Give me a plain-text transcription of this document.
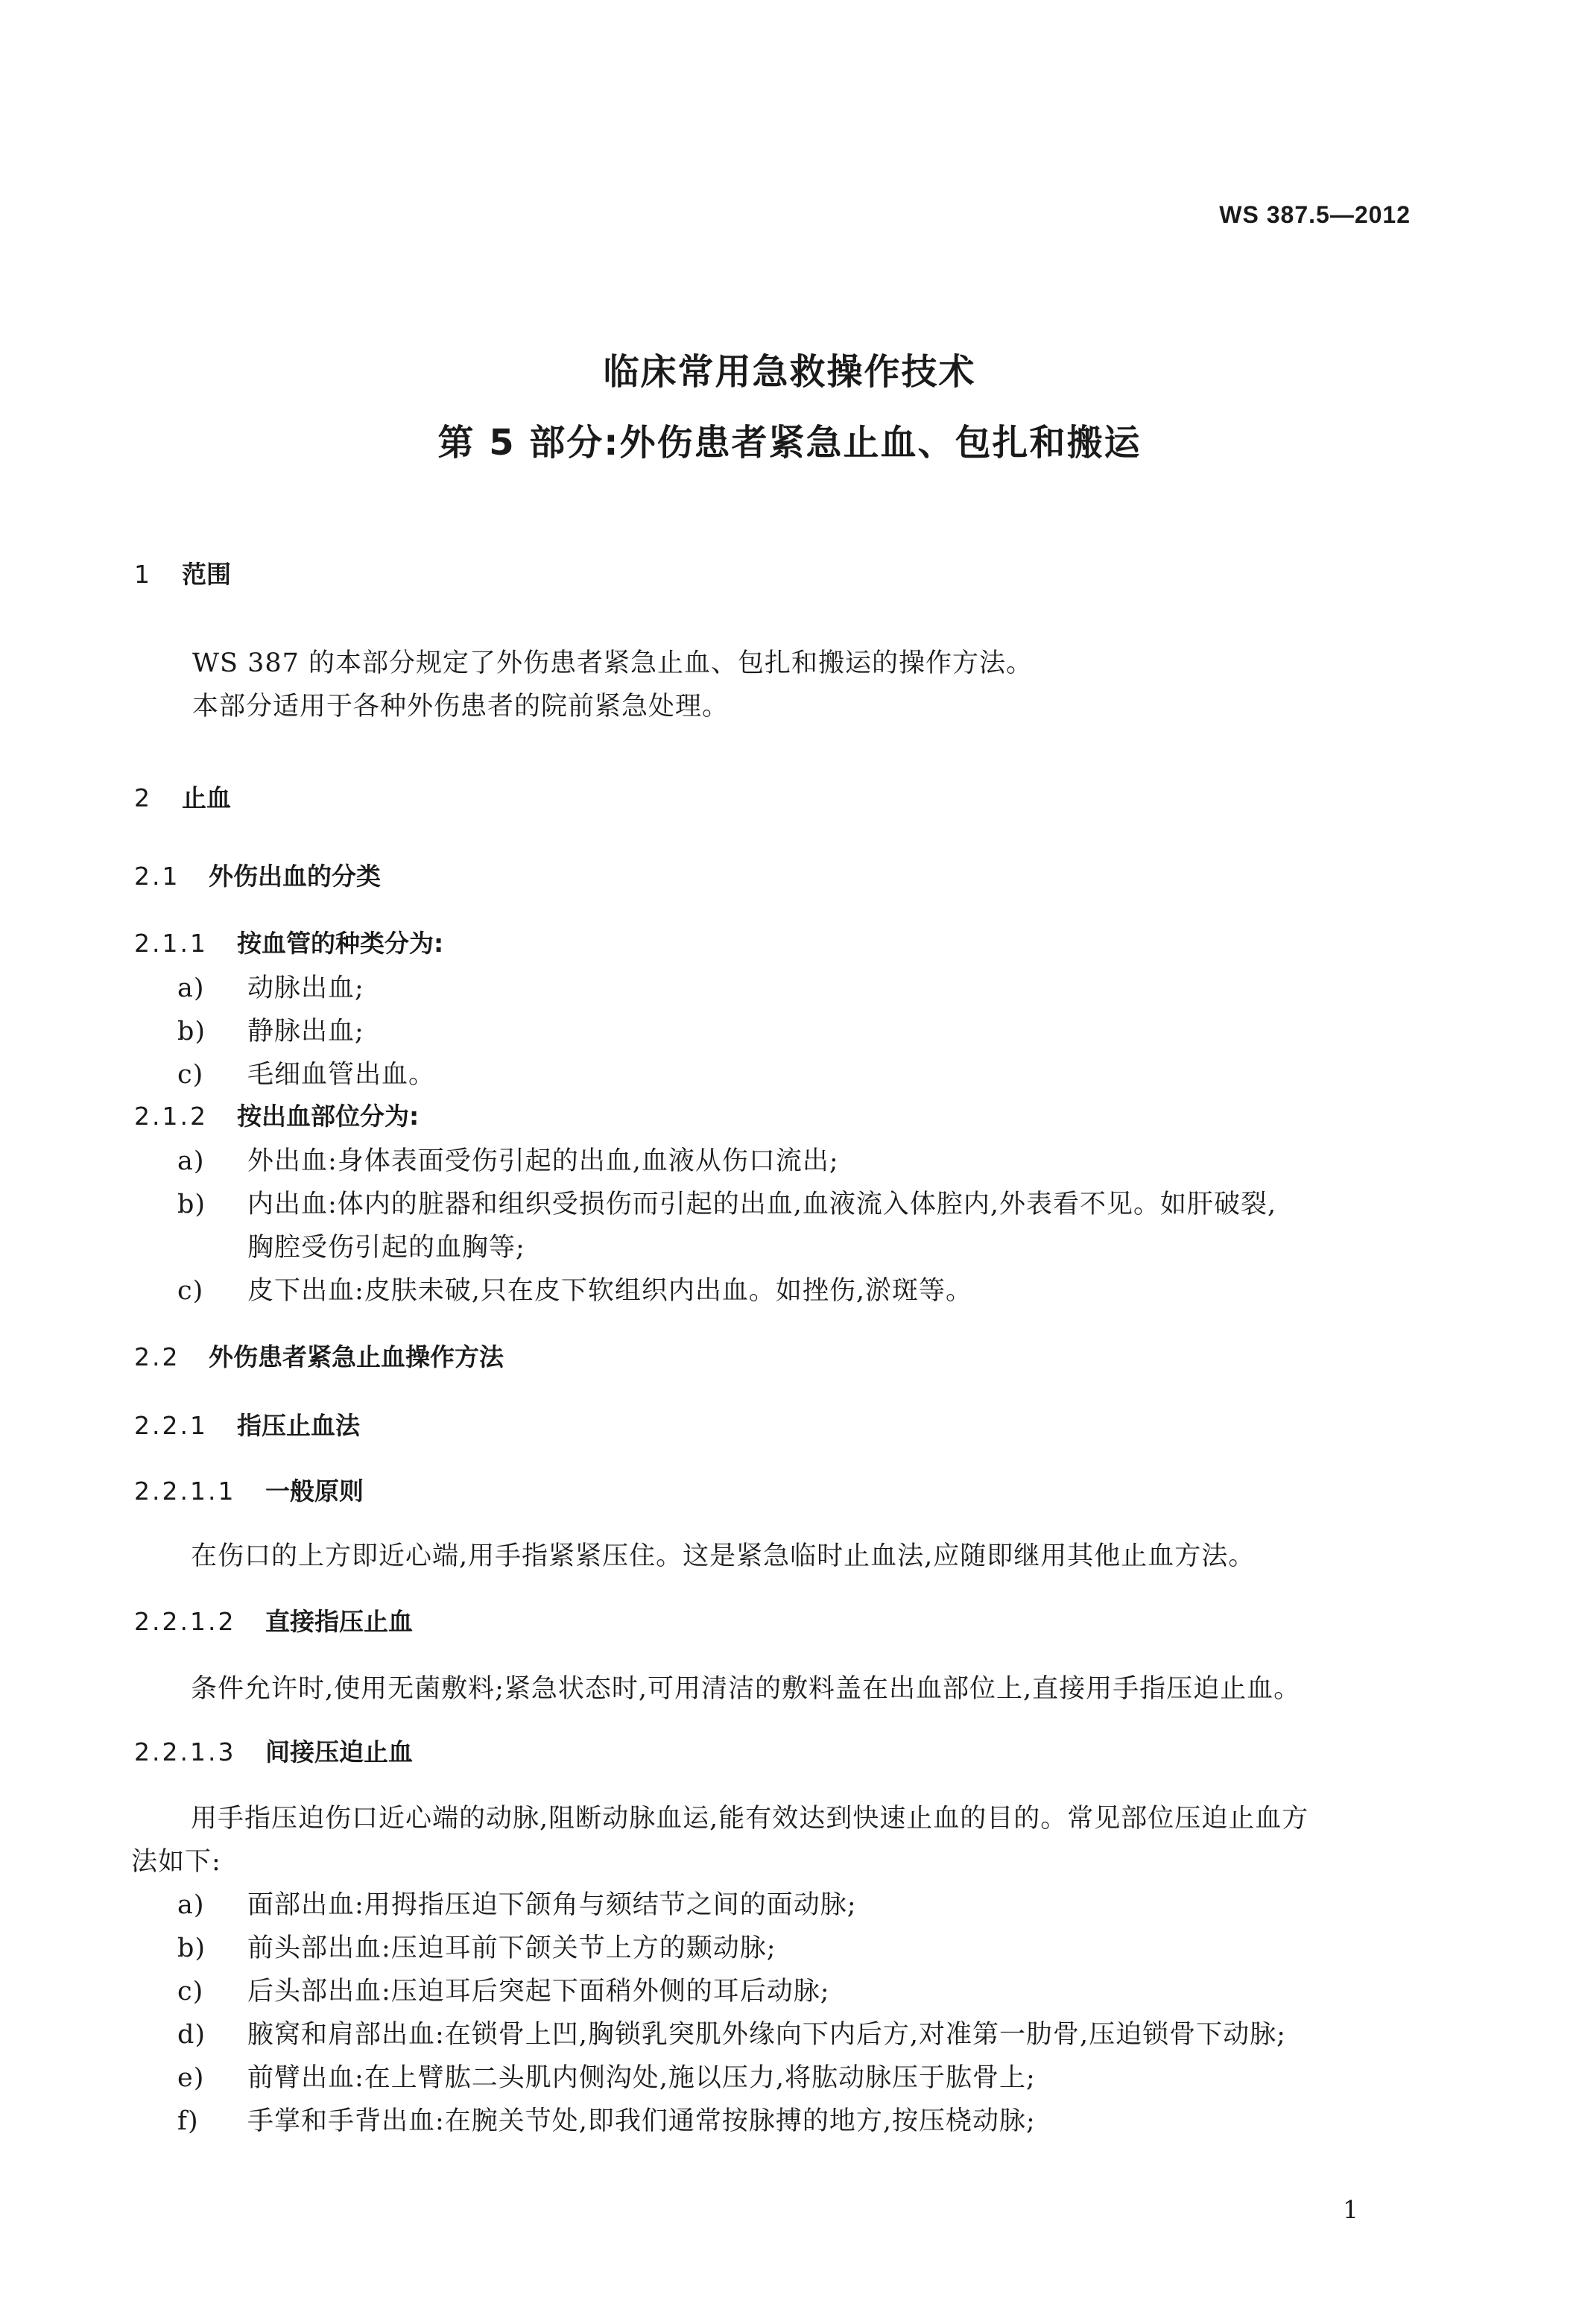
WS 387.5—2012
临床常用急救操作技术
第 5 部分:外伤患者紧急止血、包扎和搬运
1 范围
WS 387 的本部分规定了外伤患者紧急止血、包扎和搬运的操作方法。
本部分适用于各种外伤患者的院前紧急处理。
2 止血
2.1 外伤出血的分类
2.1.1 按血管的种类分为:
a) 动脉出血;
b) 静脉出血;
c) 毛细血管出血。
2.1.2 按出血部位分为:
a) 外出血:身体表面受伤引起的出血,血液从伤口流出;
b) 内出血:体内的脏器和组织受损伤而引起的出血,血液流入体腔内,外表看不见。如肝破裂,
胸腔受伤引起的血胸等;
c) 皮下出血:皮肤未破,只在皮下软组织内出血。如挫伤,淤斑等。
2.2 外伤患者紧急止血操作方法
2.2.1 指压止血法
2.2.1.1 一般原则
在伤口的上方即近心端,用手指紧紧压住。这是紧急临时止血法,应随即继用其他止血方法。
2.2.1.2 直接指压止血
条件允许时,使用无菌敷料;紧急状态时,可用清洁的敷料盖在出血部位上,直接用手指压迫止血。
2.2.1.3 间接压迫止血
用手指压迫伤口近心端的动脉,阻断动脉血运,能有效达到快速止血的目的。常见部位压迫止血方
法如下:
a) 面部出血:用拇指压迫下颌角与颏结节之间的面动脉;
b) 前头部出血:压迫耳前下颌关节上方的颞动脉;
c) 后头部出血:压迫耳后突起下面稍外侧的耳后动脉;
d) 腋窝和肩部出血:在锁骨上凹,胸锁乳突肌外缘向下内后方,对准第一肋骨,压迫锁骨下动脉;
e) 前臂出血:在上臂肱二头肌内侧沟处,施以压力,将肱动脉压于肱骨上;
f) 手掌和手背出血:在腕关节处,即我们通常按脉搏的地方,按压桡动脉;
1
